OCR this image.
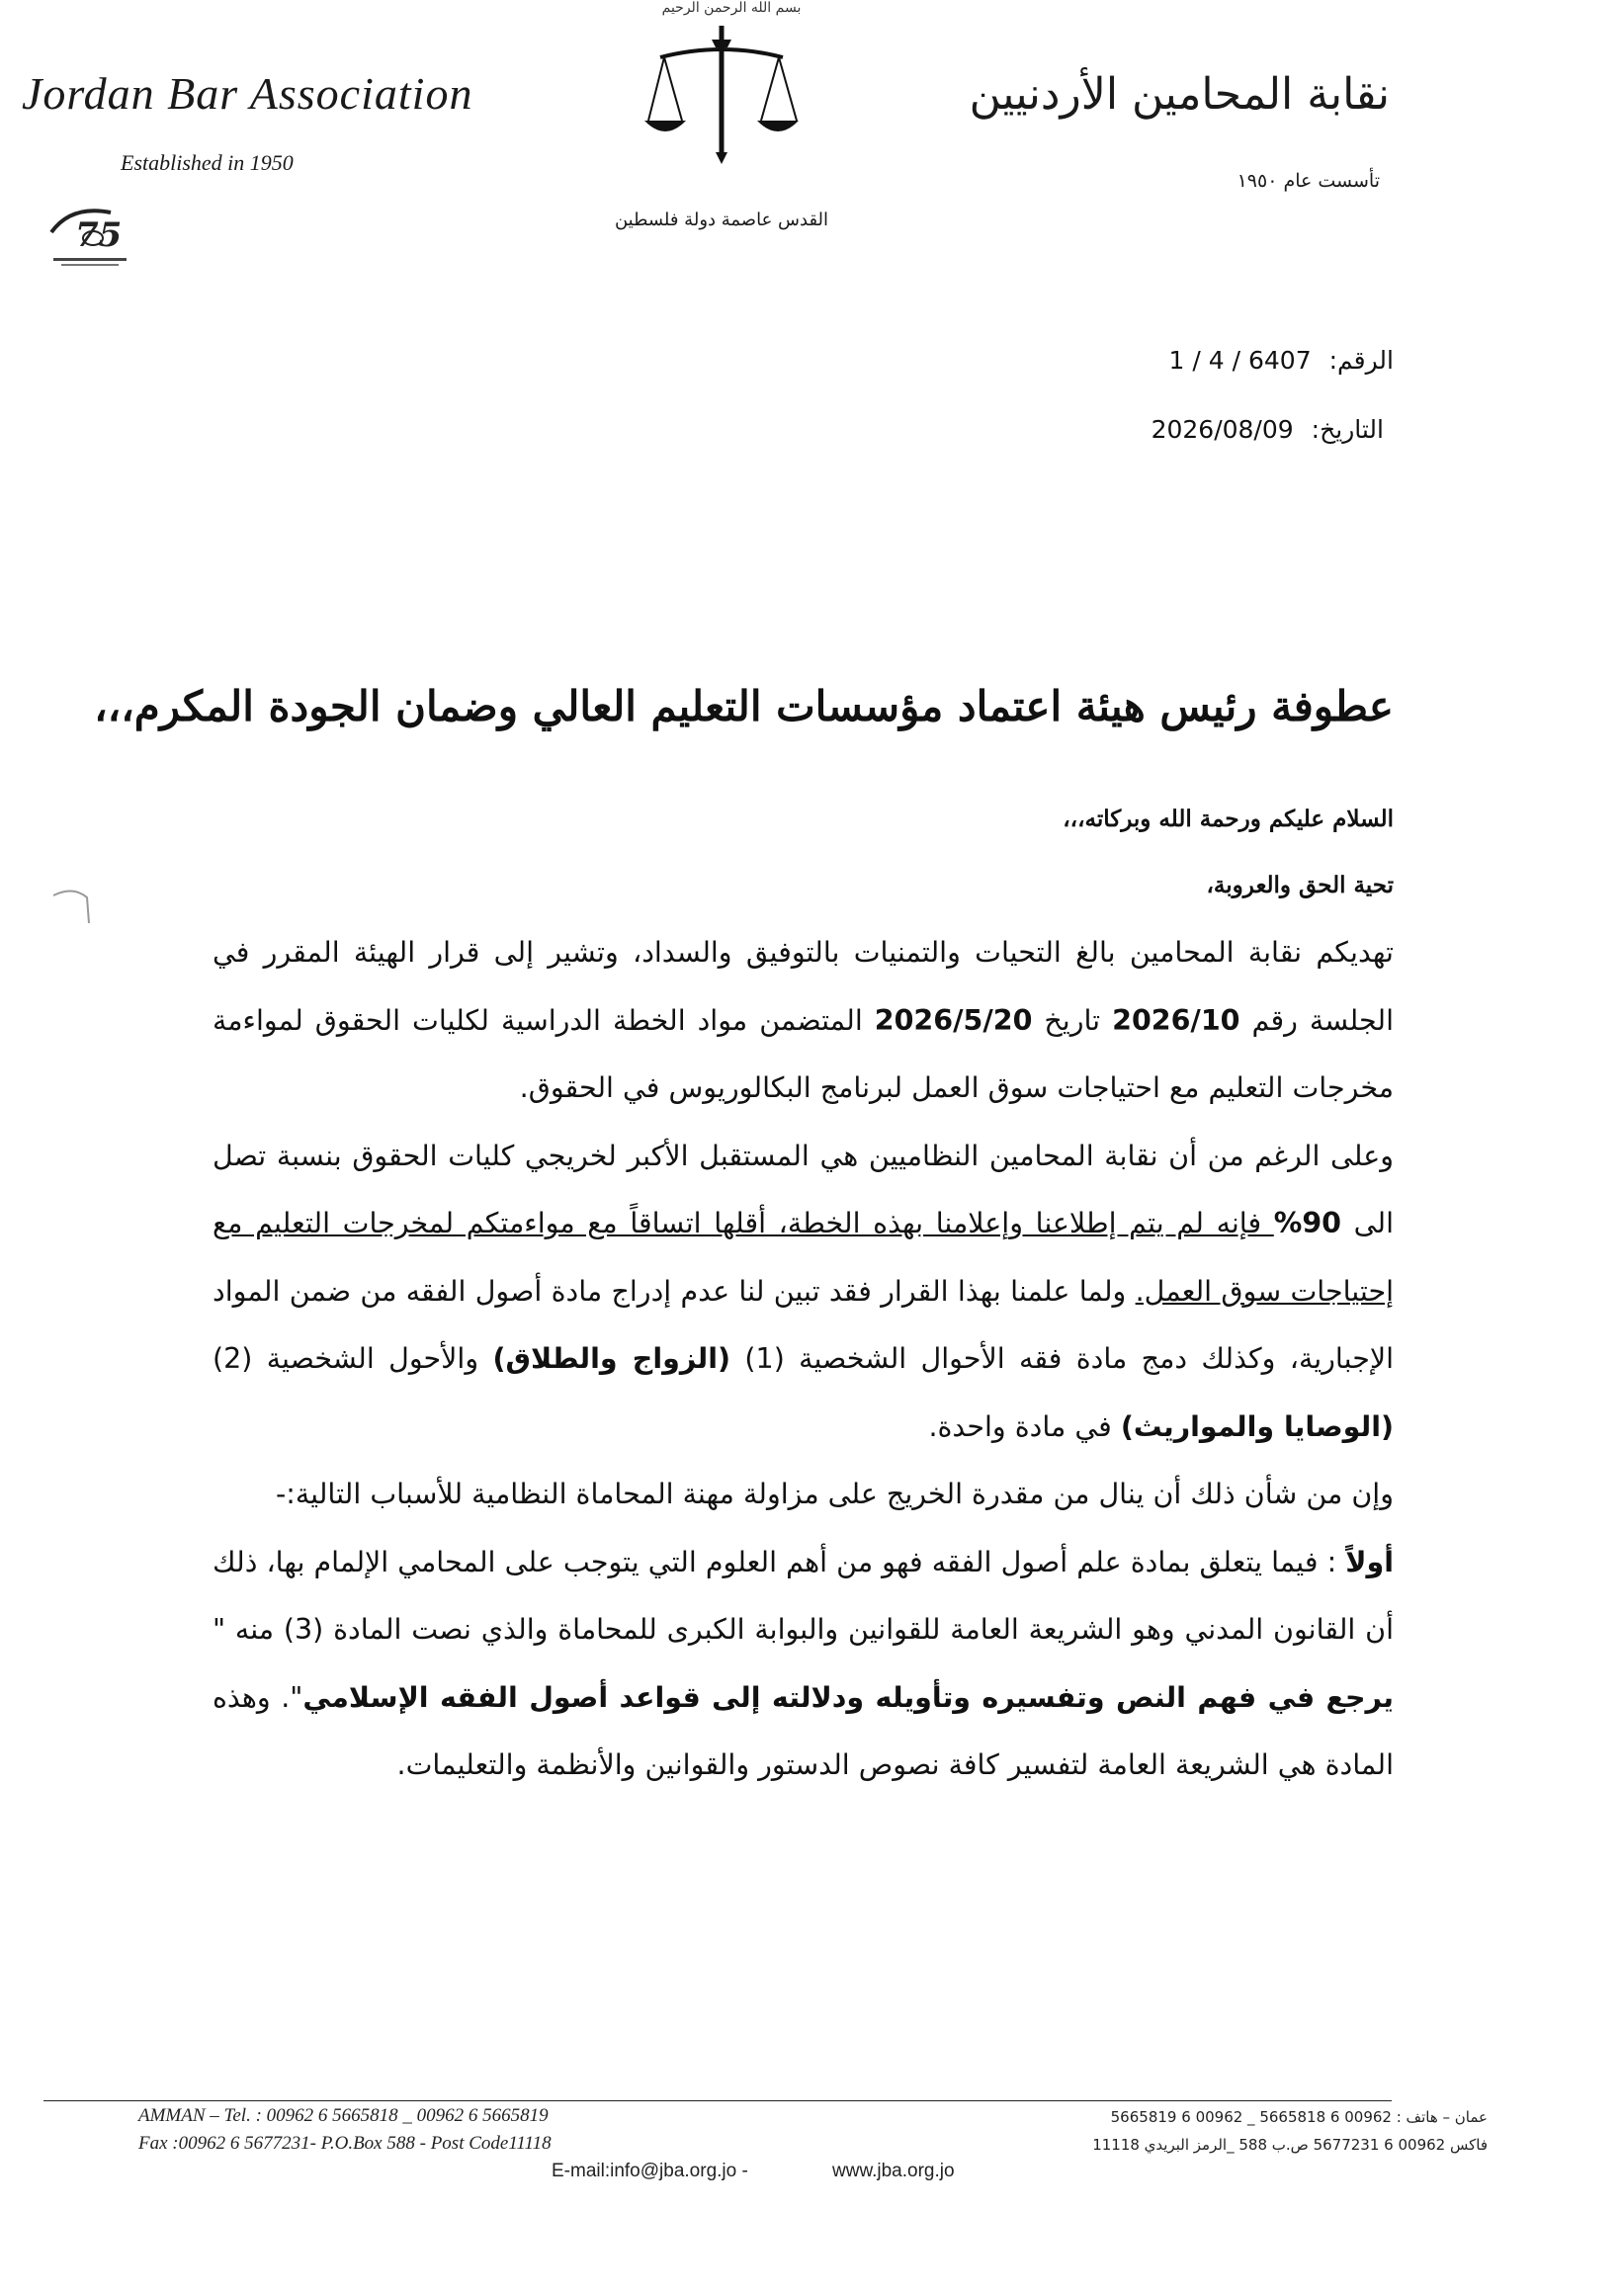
بسم الله الرحمن الرحيم
Jordan Bar Association
Established in 1950
75	القدس عاصمة دولة فلسطين
نقابة المحامين الأردنيين
تأسست عام ١٩٥٠
الرقم:1 / 4 / 6407
التاريخ:2026/08/09
عطوفة رئيس هيئة اعتماد مؤسسات التعليم العالي وضمان الجودة المكرم،،،
السلام عليكم ورحمة الله وبركاته،،،
تحية الحق والعروبة،

تهديكم نقابة المحامين بالغ التحيات والتمنيات بالتوفيق والسداد، وتشير إلى قرار الهيئة المقرر في الجلسة رقم 2026/10 تاريخ 2026/5/20 المتضمن مواد الخطة الدراسية لكليات الحقوق لمواءمة مخرجات التعليم مع احتياجات سوق العمل لبرنامج البكالوريوس في الحقوق.

وعلى الرغم من أن نقابة المحامين النظاميين هي المستقبل الأكبر لخريجي كليات الحقوق بنسبة تصل الى 90% فإنه لم يتم إطلاعنا وإعلامنا بهذه الخطة، أقلها اتساقاً مع مواءمتكم لمخرجات التعليم مع إحتياجات سوق العمل. ولما علمنا بهذا القرار فقد تبين لنا عدم إدراج مادة أصول الفقه من ضمن المواد الإجبارية، وكذلك دمج مادة فقه الأحوال الشخصية (1) (الزواج والطلاق) والأحول الشخصية (2) (الوصايا والمواريث) في مادة واحدة.

وإن من شأن ذلك أن ينال من مقدرة الخريج على مزاولة مهنة المحاماة النظامية للأسباب التالية:-

أولاً : فيما يتعلق بمادة علم أصول الفقه فهو من أهم العلوم التي يتوجب على المحامي الإلمام بها، ذلك أن القانون المدني وهو الشريعة العامة للقوانين والبوابة الكبرى للمحاماة والذي نصت المادة (3) منه " يرجع في فهم النص وتفسيره وتأويله ودلالته إلى قواعد أصول الفقه الإسلامي". وهذه المادة هي الشريعة العامة لتفسير كافة نصوص الدستور والقوانين والأنظمة والتعليمات.

AMMAN – Tel. : 00962 6 5665818 _ 00962 6 5665819
Fax :00962 6 5677231- P.O.Box 588 - Post Code11118
عمان – هاتف : 00962 6 5665818 _ 00962 6 5665819
فاكس 00962 6 5677231 ص.ب 588 _الرمز البريدي 11118
E-mail:info@jba.org.jo -	www.jba.org.jo
